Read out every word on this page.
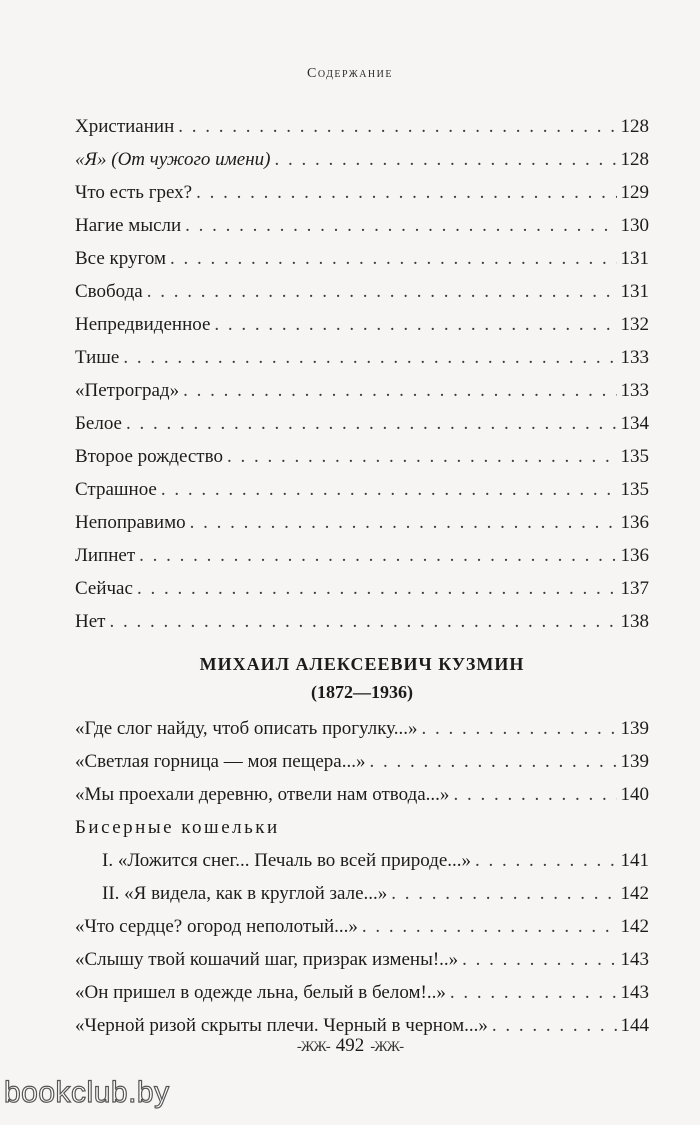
Содержание
Христианин . . .	128
«Я» (От чужого имени) . . .	128
Что есть грех? . . .	129
Нагие мысли . . .	130
Все кругом . . .	131
Свобода . . .	131
Непредвиденное . . .	132
Тише . . .	133
«Петроград» . . .	133
Белое . . .	134
Второе рождество . . .	135
Страшное . . .	135
Непоправимо . . .	136
Липнет . . .	136
Сейчас . . .	137
Нет . . .	138
МИХАИЛ АЛЕКСЕЕВИЧ КУЗМИН
(1872—1936)
«Где слог найду, чтоб описать прогулку...» . . .	139
«Светлая горница — моя пещера...» . . .	139
«Мы проехали деревню, отвели нам отвода...» . . .	140
Бисерные кошельки
I. «Ложится снег... Печаль во всей природе...» . . .	141
II. «Я видела, как в круглой зале...» . . .	142
«Что сердце? огород неполотый...» . . .	142
«Слышу твой кошачий шаг, призрак измены!..» . . .	143
«Он пришел в одежде льна, белый в белом!..» . . .	143
«Черной ризой скрыты плечи. Черный в черном...» . . .	144
-ЖЖ- 492 -ЖЖ-
bookclub.by
